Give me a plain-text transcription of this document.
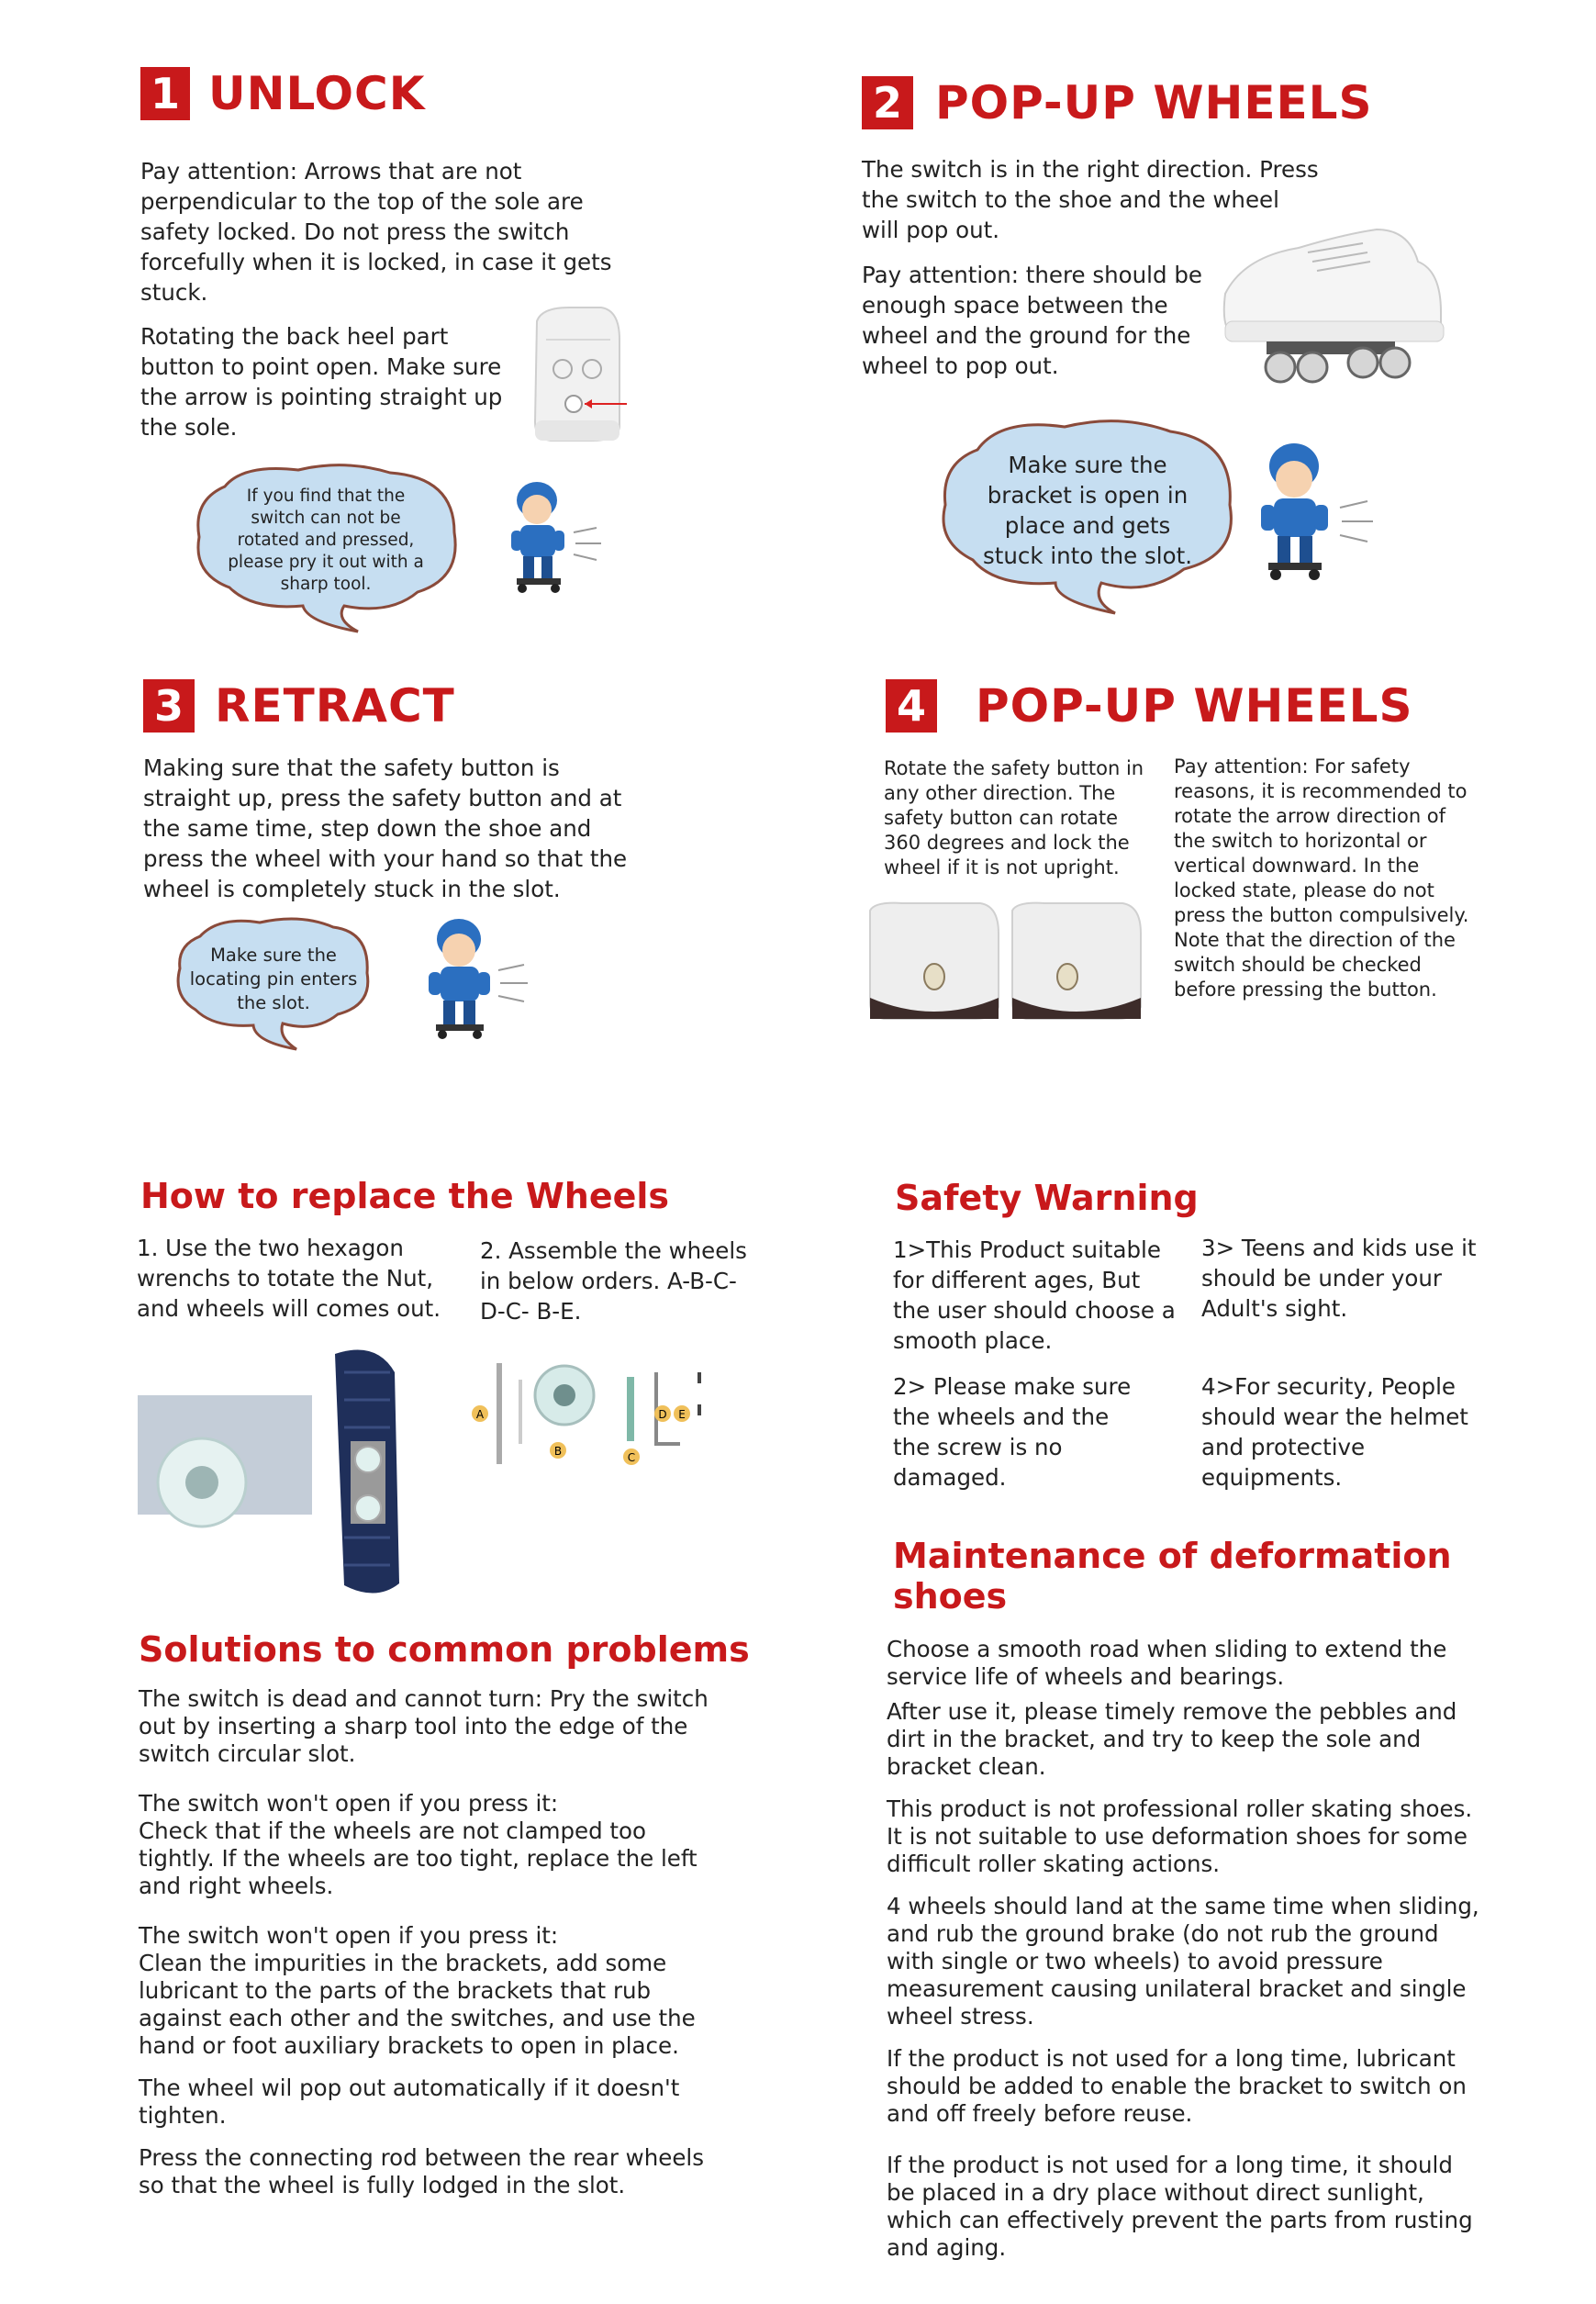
1 UNLOCK

Pay attention: Arrows that are not perpendicular to the top of the sole are safety locked. Do not press the switch forcefully when it is locked, in case it gets stuck.

Rotating the back heel part button to point open. Make sure the arrow is pointing straight up the sole.

If you find that the switch can not be rotated and pressed, please pry it out with a sharp tool.
2 POP-UP WHEELS

The switch is in the right direction. Press the switch to the shoe and the wheel will pop out.

Pay attention: there should be enough space between the wheel and the ground for the wheel to pop out.

Make sure the bracket is open in place and gets stuck into the slot.
3 RETRACT

Making sure that the safety button is straight up, press the safety button and at the same time, step down the shoe and press the wheel with your hand so that the wheel is completely stuck in the slot.

Make sure the locating pin enters the slot.
4 POP-UP WHEELS

Rotate the safety button in any other direction. The safety button can rotate 360 degrees and lock the wheel if it is not upright.

Pay attention: For safety reasons, it is recommended to rotate the arrow direction of the switch to horizontal or vertical downward. In the locked state, please do not press the button compulsively. Note that the direction of the switch should be checked before pressing the button.

How to replace the Wheels

1. Use the two hexagon wrenchs to totate the Nut, and wheels will comes out.

2. Assemble the wheels in below orders. A-B-C-D-C- B-E.

A
B	C
D E

Safety Warning

1>This Product suitable for different ages, But the user should choose a smooth place.

3> Teens and kids use it should be under your Adult's sight.

2> Please make sure the wheels and the the screw is no damaged.

4>For security, People should wear the helmet and protective equipments.

Solutions to common problems

The switch is dead and cannot turn: Pry the switch out by inserting a sharp tool into the edge of the switch circular slot.

The switch won't open if you press it:

Check that if the wheels are not clamped too tightly. If the wheels are too tight, replace the left and right wheels.

The switch won't open if you press it:

Clean the impurities in the brackets, add some lubricant to the parts of the brackets that rub against each other and the switches, and use the hand or foot auxiliary brackets to open in place.

The wheel wil pop out automatically if it doesn't tighten.

Press the connecting rod between the rear wheels so that the wheel is fully lodged in the slot.

Maintenance of deformation shoes

Choose a smooth road when sliding to extend the service life of wheels and bearings.

After use it, please timely remove the pebbles and dirt in the bracket, and try to keep the sole and bracket clean.

This product is not professional roller skating shoes. It is not suitable to use deformation shoes for some difficult roller skating actions.

4 wheels should land at the same time when sliding, and rub the ground brake (do not rub the ground with single or two wheels) to avoid pressure measurement causing unilateral bracket and single wheel stress.

If the product is not used for a long time, lubricant should be added to enable the bracket to switch on and off freely before reuse.

If the product is not used for a long time, it should be placed in a dry place without direct sunlight, which can effectively prevent the parts from rusting and aging.
